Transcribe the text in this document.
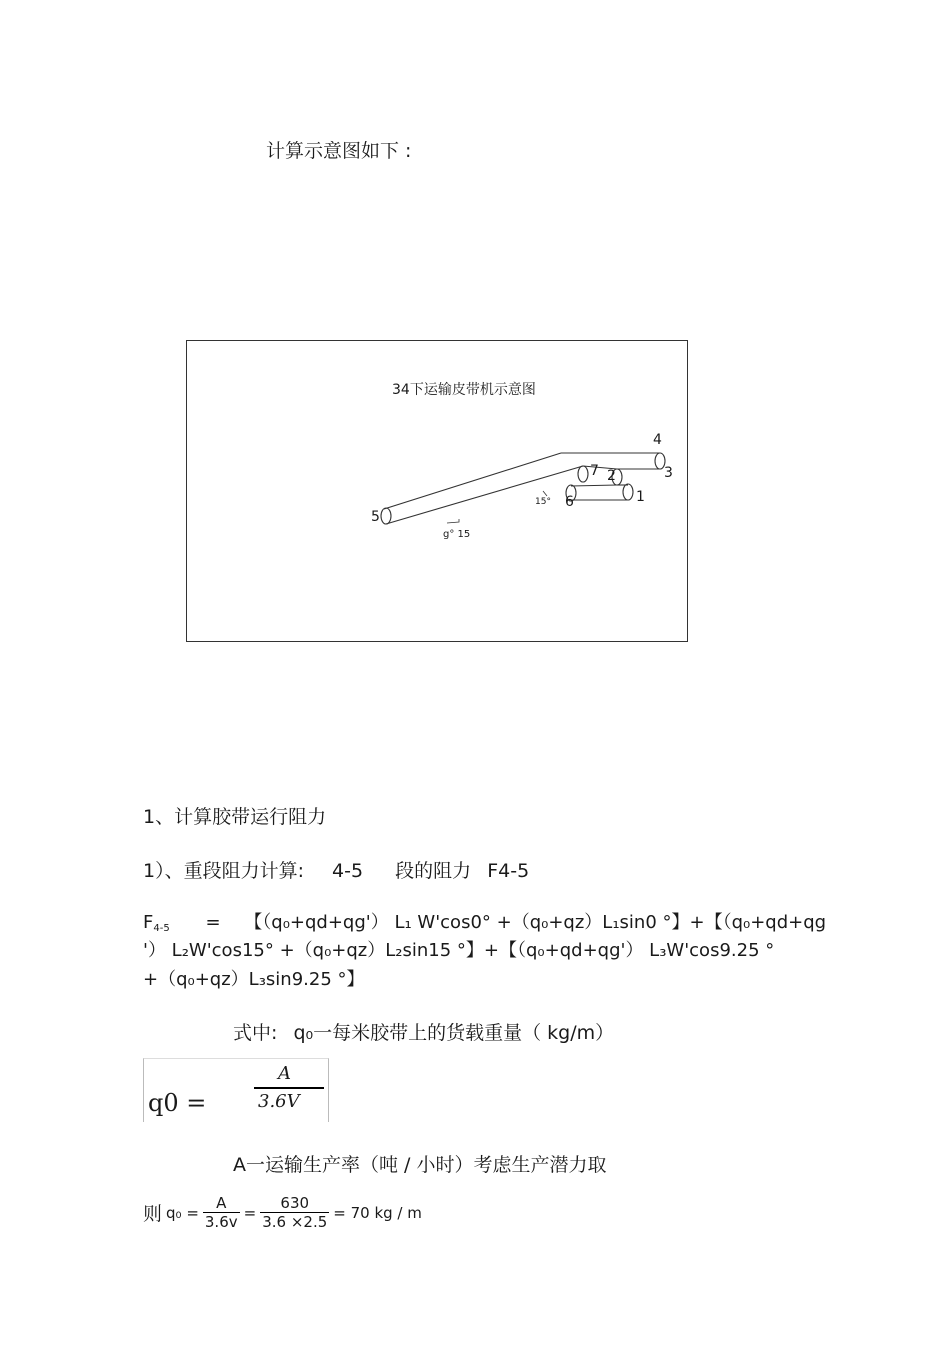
计算示意图如下 :
34下运输皮带机示意图
4
3
7 2
1
15° 6
5
g° 15
1、计算胶带运行阻力
1）、重段阻力计算: 4-5 段的阻力 F4-5
$F_{4-5}$ = 【（q₀+qd+qg'） L₁ W'cos0° +（q₀+qz）L₁sin0 °】+【（q₀+qd+qg
'） L₂W'cos15° +（q₀+qz）L₂sin15 °】+【（q₀+qd+qg'） L₃W'cos9.25 °
+（q₀+qz）L₃sin9.25 °】
式中: q₀一每米胶带上的货载重量（ kg/m）
q0 =
A
3.6V
A一运输生产率（吨 / 小时）考虑生产潜力取
则 $q_0 = \frac{A}{3.6v} = \frac{630}{3.6 \times 2.5} = 70$ kg / m
